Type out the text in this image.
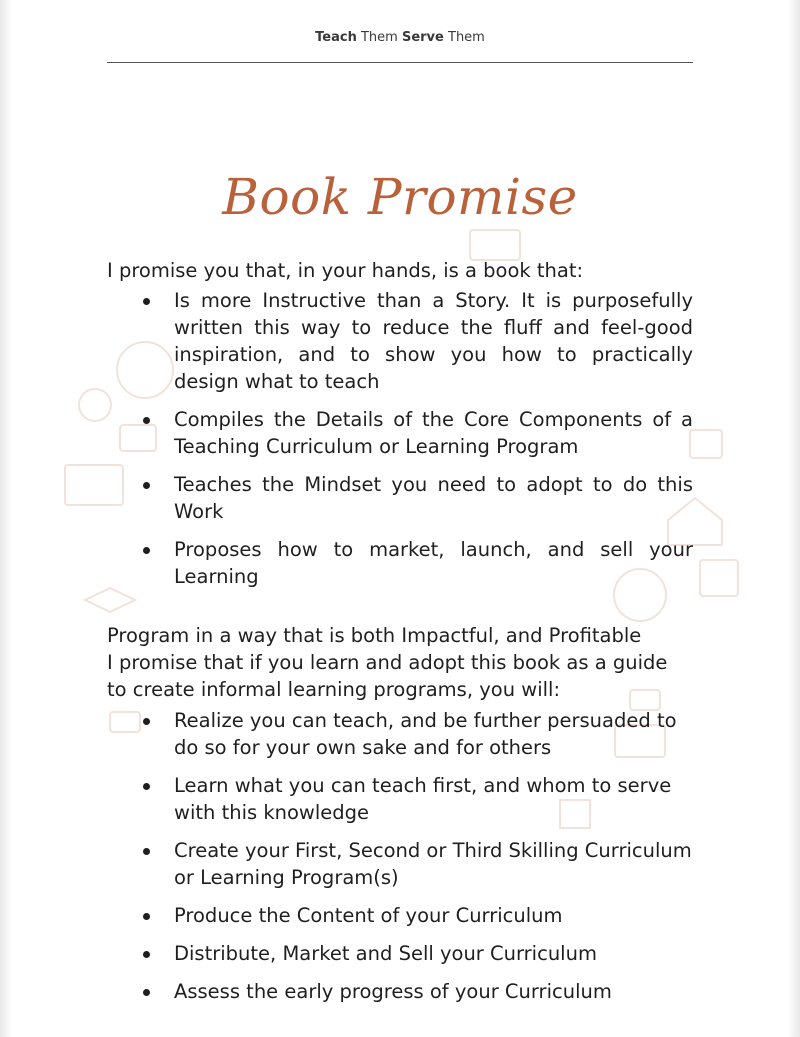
Teach Them Serve Them
Book Promise

I promise you that, in your hands, is a book that:

Is more Instructive than a Story. It is purposefully written this way to reduce the fluff and feel-good inspiration, and to show you how to practically design what to teach
Compiles the Details of the Core Components of a Teaching Curriculum or Learning Program
Teaches the Mindset you need to adopt to do this Work
Proposes how to market, launch, and sell your Learning

Program in a way that is both Impactful, and Profitable

I promise that if you learn and adopt this book as a guide to create informal learning programs, you will:

Realize you can teach, and be further persuaded to do so for your own sake and for others
Learn what you can teach first, and whom to serve with this knowledge
Create your First, Second or Third Skilling Curriculum or Learning Program(s)
Produce the Content of your Curriculum
Distribute, Market and Sell your Curriculum
Assess the early progress of your Curriculum
